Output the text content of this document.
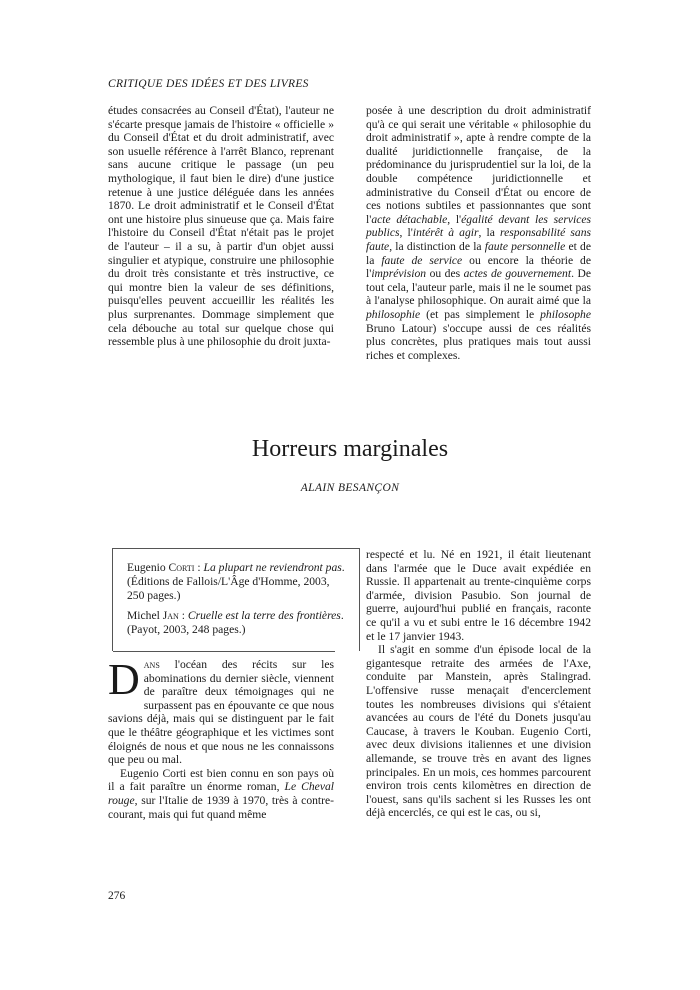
CRITIQUE DES IDÉES ET DES LIVRES

études consacrées au Conseil d'État), l'auteur ne s'écarte presque jamais de l'histoire « officielle » du Conseil d'État et du droit administratif, avec son usuelle référence à l'arrêt Blanco, reprenant sans aucune critique le passage (un peu mythologique, il faut bien le dire) d'une justice retenue à une justice déléguée dans les années 1870. Le droit administratif et le Conseil d'État ont une histoire plus sinueuse que ça. Mais faire l'histoire du Conseil d'État n'était pas le projet de l'auteur – il a su, à partir d'un objet aussi singulier et atypique, construire une philosophie du droit très consistante et très instructive, ce qui montre bien la valeur de ses définitions, puisqu'elles peuvent accueillir les réalités les plus surprenantes. Dommage simplement que cela débouche au total sur quelque chose qui ressemble plus à une philosophie du droit juxta-

posée à une description du droit administratif qu'à ce qui serait une véritable « philosophie du droit administratif », apte à rendre compte de la dualité juridictionnelle française, de la prédominance du jurisprudentiel sur la loi, de la double compétence juridictionnelle et administrative du Conseil d'État ou encore de ces notions subtiles et passionnantes que sont l'acte détachable, l'égalité devant les services publics, l'intérêt à agir, la responsabilité sans faute, la distinction de la faute personnelle et de la faute de service ou encore la théorie de l'imprévision ou des actes de gouvernement. De tout cela, l'auteur parle, mais il ne le soumet pas à l'analyse philosophique. On aurait aimé que la philosophie (et pas simplement le philosophe Bruno Latour) s'occupe aussi de ces réalités plus concrètes, plus pratiques mais tout aussi riches et complexes.

Horreurs marginales
ALAIN BESANÇON

Eugenio Corti : La plupart ne reviendront pas. (Éditions de Fallois/L'Âge d'Homme, 2003, 250 pages.)

Michel Jan : Cruelle est la terre des frontières. (Payot, 2003, 248 pages.)

Dans l'océan des récits sur les abominations du dernier siècle, viennent de paraître deux témoignages qui ne surpassent pas en épouvante ce que nous savions déjà, mais qui se distinguent par le fait que le théâtre géographique et les victimes sont éloignés de nous et que nous ne les connaissons que peu ou mal.

Eugenio Corti est bien connu en son pays où il a fait paraître un énorme roman, Le Cheval rouge, sur l'Italie de 1939 à 1970, très à contre-courant, mais qui fut quand même

respecté et lu. Né en 1921, il était lieutenant dans l'armée que le Duce avait expédiée en Russie. Il appartenait au trente-cinquième corps d'armée, division Pasubio. Son journal de guerre, aujourd'hui publié en français, raconte ce qu'il a vu et subi entre le 16 décembre 1942 et le 17 janvier 1943.

Il s'agit en somme d'un épisode local de la gigantesque retraite des armées de l'Axe, conduite par Manstein, après Stalingrad. L'offensive russe menaçait d'encerclement toutes les nombreuses divisions qui s'étaient avancées au cours de l'été du Donets jusqu'au Caucase, à travers le Kouban. Eugenio Corti, avec deux divisions italiennes et une division allemande, se trouve très en avant des lignes principales. En un mois, ces hommes parcourent environ trois cents kilomètres en direction de l'ouest, sans qu'ils sachent si les Russes les ont déjà encerclés, ce qui est le cas, ou si,

276
